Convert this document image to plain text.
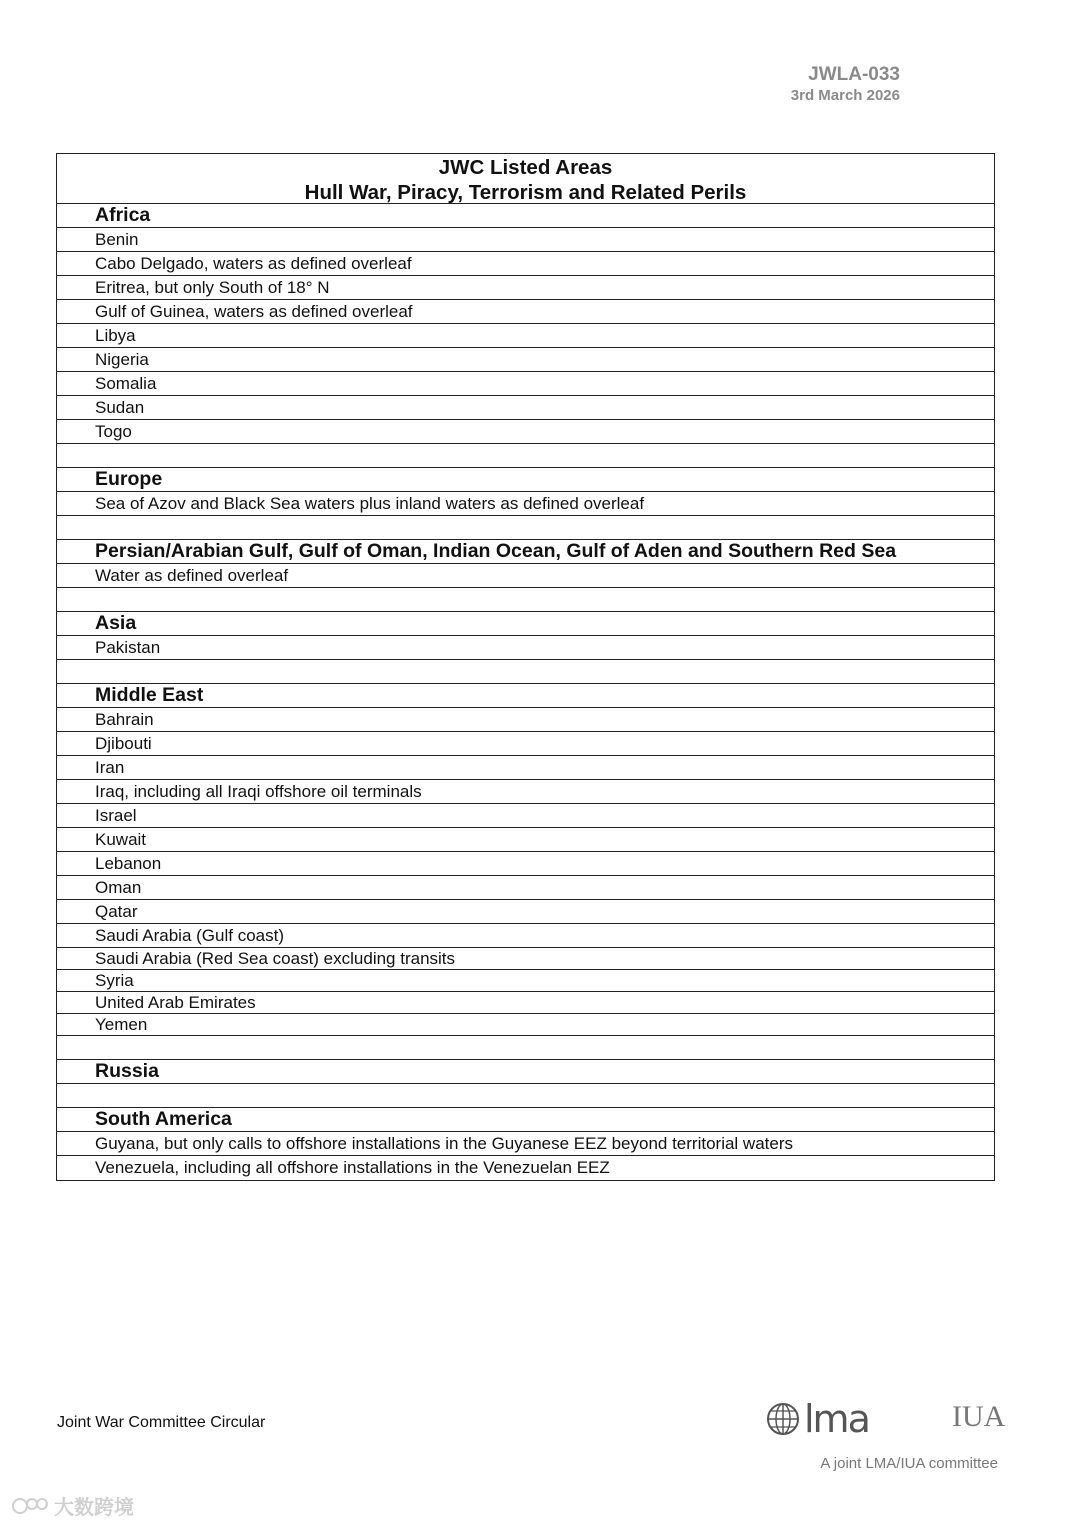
JWLA-033
3rd March 2026
JWC Listed Areas
Hull War, Piracy, Terrorism and Related Perils
Africa
Benin
Cabo Delgado, waters as defined overleaf
Eritrea, but only South of 18° N
Gulf of Guinea, waters as defined overleaf
Libya
Nigeria
Somalia
Sudan
Togo
Europe
Sea of Azov and Black Sea waters plus inland waters as defined overleaf
Persian/Arabian Gulf, Gulf of Oman, Indian Ocean, Gulf of Aden and Southern Red Sea
Water as defined overleaf
Asia
Pakistan
Middle East
Bahrain
Djibouti
Iran
Iraq, including all Iraqi offshore oil terminals
Israel
Kuwait
Lebanon
Oman
Qatar
Saudi Arabia (Gulf coast)
Saudi Arabia (Red Sea coast) excluding transits
Syria
United Arab Emirates
Yemen
Russia
South America
Guyana, but only calls to offshore installations in the Guyanese EEZ beyond territorial waters
Venezuela, including all offshore installations in the Venezuelan EEZ
Joint War Committee Circular	lma	IUA
A joint LMA/IUA committee
大数跨境
